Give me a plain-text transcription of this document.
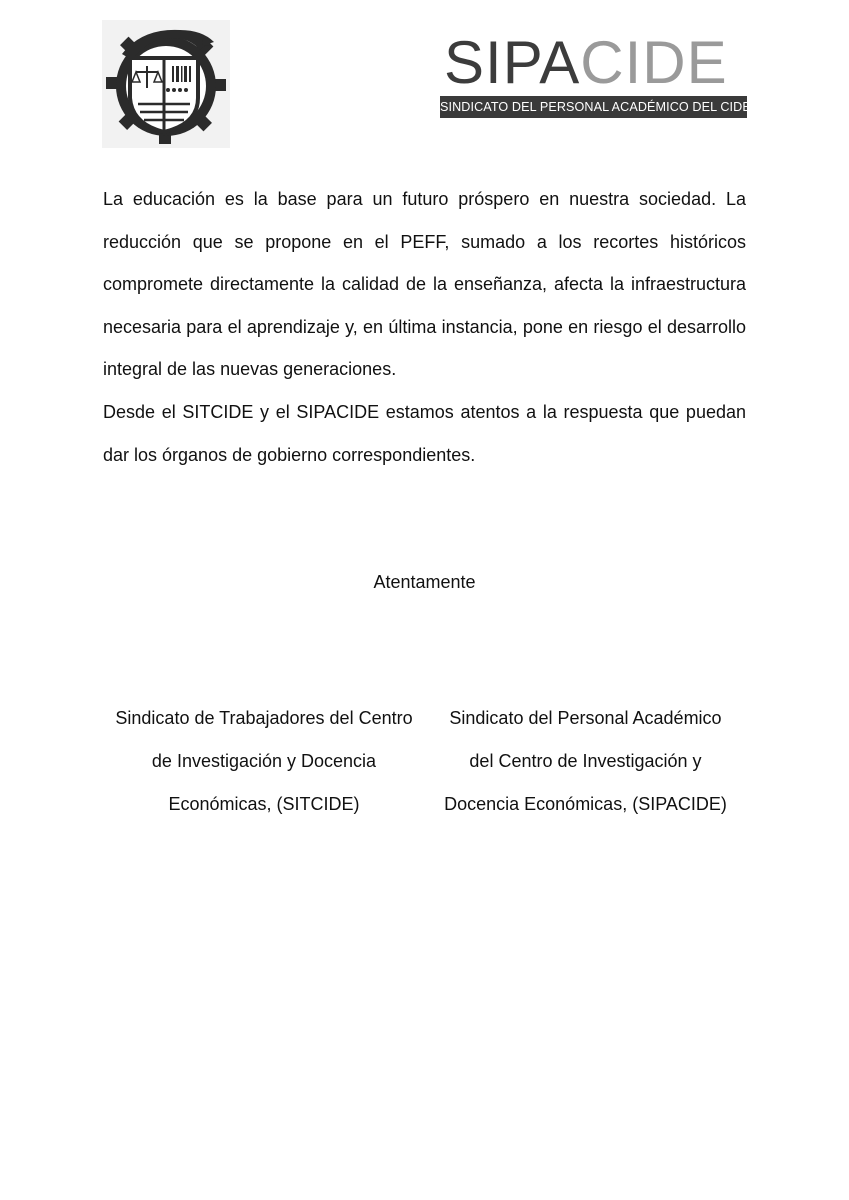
SIPACIDE
SINDICATO DEL PERSONAL ACADÉMICO DEL CIDE

La educación es la base para un futuro próspero en nuestra sociedad. La reducción que se propone en el PEFF, sumado a los recortes históricos compromete directamente la calidad de la enseñanza, afecta la infraestructura necesaria para el aprendizaje y, en última instancia, pone en riesgo el desarrollo integral de las nuevas generaciones.

Desde el SITCIDE y el SIPACIDE estamos atentos a la respuesta que puedan dar los órganos de gobierno correspondientes.

Atentamente
Sindicato de Trabajadores del Centro
de Investigación y Docencia
Económicas, (SITCIDE)
Sindicato del Personal Académico
del Centro de Investigación y
Docencia Económicas, (SIPACIDE)
